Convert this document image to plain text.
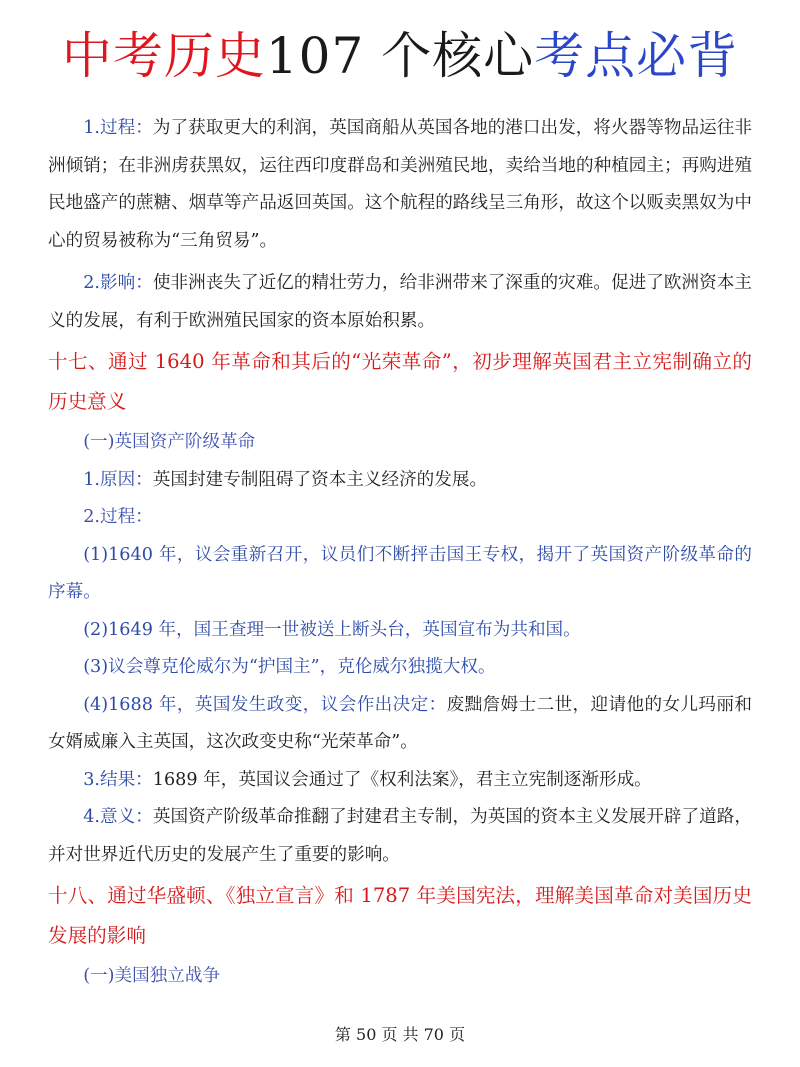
中考历史 107 个核心 考点必背

1.过程：为了获取更大的利润，英国商船从英国各地的港口出发，将火器等物品运往非洲倾销；在非洲虏获黑奴，运往西印度群岛和美洲殖民地，卖给当地的种植园主；再购进殖民地盛产的蔗糖、烟草等产品返回英国。这个航程的路线呈三角形，故这个以贩卖黑奴为中心的贸易被称为“三角贸易”。

2.影响：使非洲丧失了近亿的精壮劳力，给非洲带来了深重的灾难。促进了欧洲资本主义的发展，有利于欧洲殖民国家的资本原始积累。

十七、通过 1640 年革命和其后的“光荣革命”，初步理解英国君主立宪制确立的历史意义

(一)英国资产阶级革命

1.原因：英国封建专制阻碍了资本主义经济的发展。

2.过程：

(1)1640 年，议会重新召开，议员们不断抨击国王专权，揭开了英国资产阶级革命的序幕。

(2)1649 年，国王查理一世被送上断头台，英国宣布为共和国。

(3)议会尊克伦威尔为“护国主”，克伦威尔独揽大权。

(4)1688 年，英国发生政变，议会作出决定：废黜詹姆士二世，迎请他的女儿玛丽和女婿威廉入主英国，这次政变史称“光荣革命”。

3.结果：1689 年，英国议会通过了《权利法案》，君主立宪制逐渐形成。

4.意义：英国资产阶级革命推翻了封建君主专制，为英国的资本主义发展开辟了道路，并对世界近代历史的发展产生了重要的影响。

十八、通过华盛顿、《独立宣言》和 1787 年美国宪法，理解美国革命对美国历史发展的影响

(一)美国独立战争

第 50 页 共 70 页
